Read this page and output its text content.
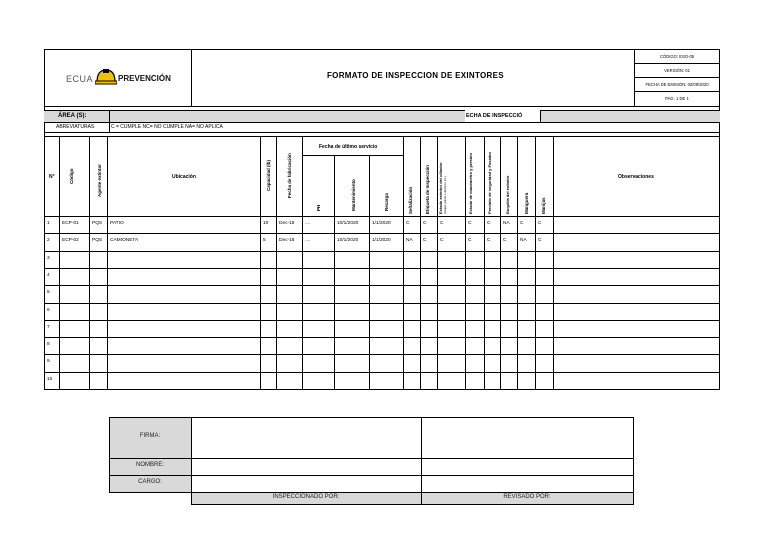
ECUA	PREVENCIÓN	FORMATO DE INSPECCION DE EXINTORES
CÓDIGO: ESO-05
VERSIÓN: 01
FECHA DE EMISIÓN: 02/09/2020
PAG. 1 DE 1
ÁREA (S):	ECHA DE INSPECCIÓ
ABREVIATURAS	C = CUMPLE NC= NO CUMPLE NA= NO APLICA
N°	Código	Agente extintor	Ubicación	Capacidad (lb)	Fecha de fabricación
Fecha de último servicio
PH	Mantenimiento	Recarga	Señalización	Etiqueta de Inspección Estado exterior del cilindro (Golpes, grietas o deterioro, etc.)	Estado de manómetro y presión	Precinto de seguridad y Pasador	Boquilla del extintor	Manguera	Manijas
Observaciones
1	ECP-01	PQS	PATIO	10	Dec-18	....	10/1/2020	1/1/2020	C	C	C	C	C	NA	C	C
2	ECP-02	PQS	CAMIONETA	5	Dec-18	....	10/1/2020	1/1/2020	NA	C	C	C	C	C	NA	C
3
4
5
6
7
8
9
10
FIRMA:
NOMBRE:
CARGO:
INSPECCIONADO POR:	REVISADO POR:
